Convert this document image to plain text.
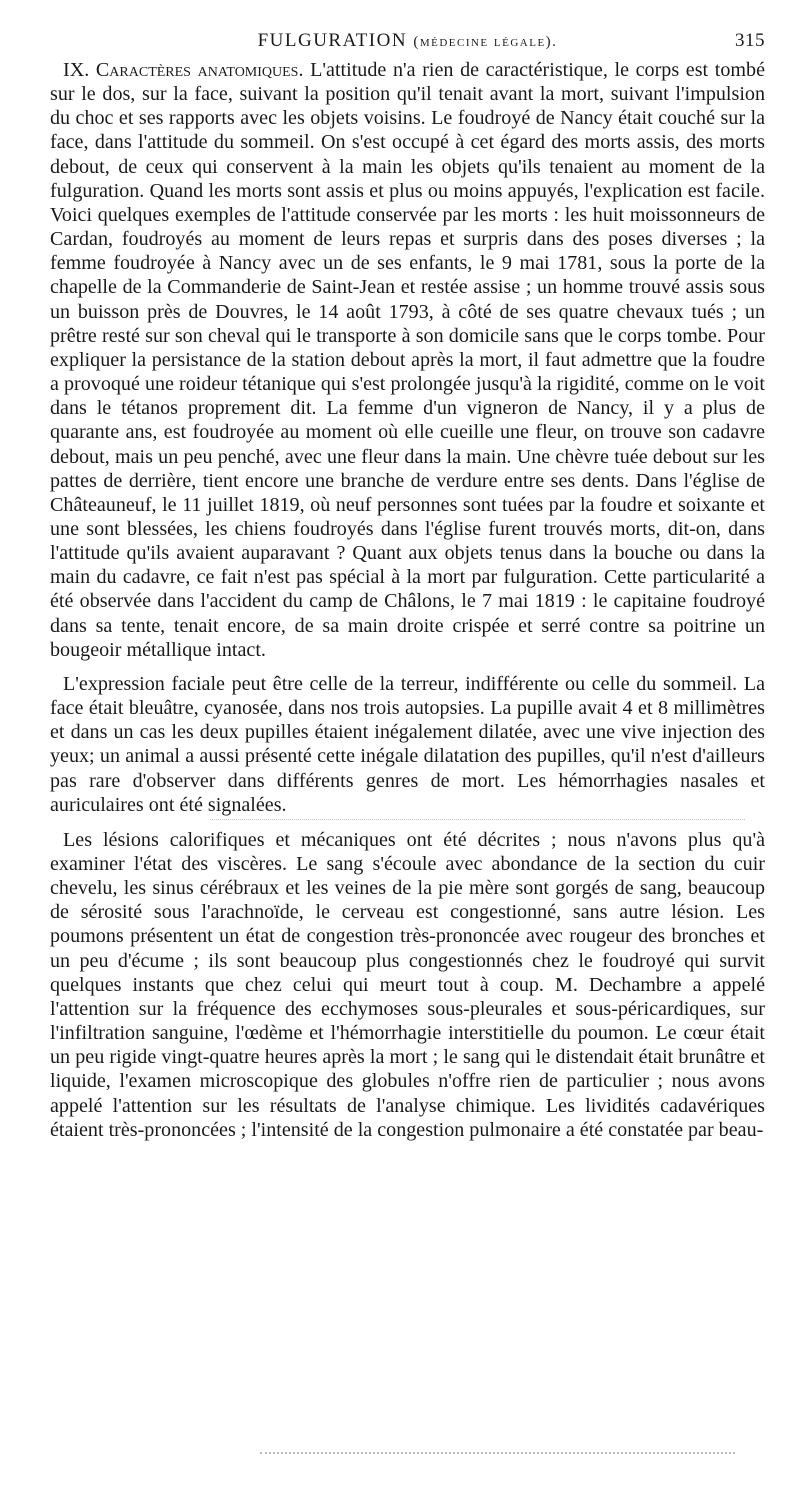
FULGURATION (médecine légale).	315

IX. Caractères anatomiques. L'attitude n'a rien de caractéristique, le corps est tombé sur le dos, sur la face, suivant la position qu'il tenait avant la mort, suivant l'impulsion du choc et ses rapports avec les objets voisins. Le foudroyé de Nancy était couché sur la face, dans l'attitude du sommeil. On s'est occupé à cet égard des morts assis, des morts debout, de ceux qui conservent à la main les objets qu'ils tenaient au moment de la fulguration. Quand les morts sont assis et plus ou moins appuyés, l'explication est facile. Voici quelques exemples de l'attitude conservée par les morts : les huit moissonneurs de Cardan, foudroyés au moment de leurs repas et surpris dans des poses diverses ; la femme foudroyée à Nancy avec un de ses enfants, le 9 mai 1781, sous la porte de la chapelle de la Commanderie de Saint-Jean et restée assise ; un homme trouvé assis sous un buisson près de Douvres, le 14 août 1793, à côté de ses quatre chevaux tués ; un prêtre resté sur son cheval qui le transporte à son domicile sans que le corps tombe. Pour expliquer la persistance de la station debout après la mort, il faut admettre que la foudre a provoqué une roideur tétanique qui s'est prolongée jusqu'à la rigidité, comme on le voit dans le tétanos proprement dit. La femme d'un vigneron de Nancy, il y a plus de quarante ans, est foudroyée au moment où elle cueille une fleur, on trouve son cadavre debout, mais un peu penché, avec une fleur dans la main. Une chèvre tuée debout sur les pattes de derrière, tient encore une branche de verdure entre ses dents. Dans l'église de Châteauneuf, le 11 juillet 1819, où neuf personnes sont tuées par la foudre et soixante et une sont blessées, les chiens foudroyés dans l'église furent trouvés morts, dit-on, dans l'attitude qu'ils avaient auparavant ? Quant aux objets tenus dans la bouche ou dans la main du cadavre, ce fait n'est pas spécial à la mort par fulguration. Cette particularité a été observée dans l'accident du camp de Châlons, le 7 mai 1819 : le capitaine foudroyé dans sa tente, tenait encore, de sa main droite crispée et serré contre sa poitrine un bougeoir métallique intact.

L'expression faciale peut être celle de la terreur, indifférente ou celle du sommeil. La face était bleuâtre, cyanosée, dans nos trois autopsies. La pupille avait 4 et 8 millimètres et dans un cas les deux pupilles étaient inégalement dilatée, avec une vive injection des yeux; un animal a aussi présenté cette inégale dilatation des pupilles, qu'il n'est d'ailleurs pas rare d'observer dans différents genres de mort. Les hémorrhagies nasales et auriculaires ont été signalées.

Les lésions calorifiques et mécaniques ont été décrites ; nous n'avons plus qu'à examiner l'état des viscères. Le sang s'écoule avec abondance de la section du cuir chevelu, les sinus cérébraux et les veines de la pie mère sont gorgés de sang, beaucoup de sérosité sous l'arachnoïde, le cerveau est congestionné, sans autre lésion. Les poumons présentent un état de congestion très-prononcée avec rougeur des bronches et un peu d'écume ; ils sont beaucoup plus congestionnés chez le foudroyé qui survit quelques instants que chez celui qui meurt tout à coup. M. Dechambre a appelé l'attention sur la fréquence des ecchymoses sous-pleurales et sous-péricardiques, sur l'infiltration sanguine, l'œdème et l'hémorrhagie interstitielle du poumon. Le cœur était un peu rigide vingt-quatre heures après la mort ; le sang qui le distendait était brunâtre et liquide, l'examen microscopique des globules n'offre rien de particulier ; nous avons appelé l'attention sur les résultats de l'analyse chimique. Les lividités cadavériques étaient très-prononcées ; l'intensité de la congestion pulmonaire a été constatée par beau-
